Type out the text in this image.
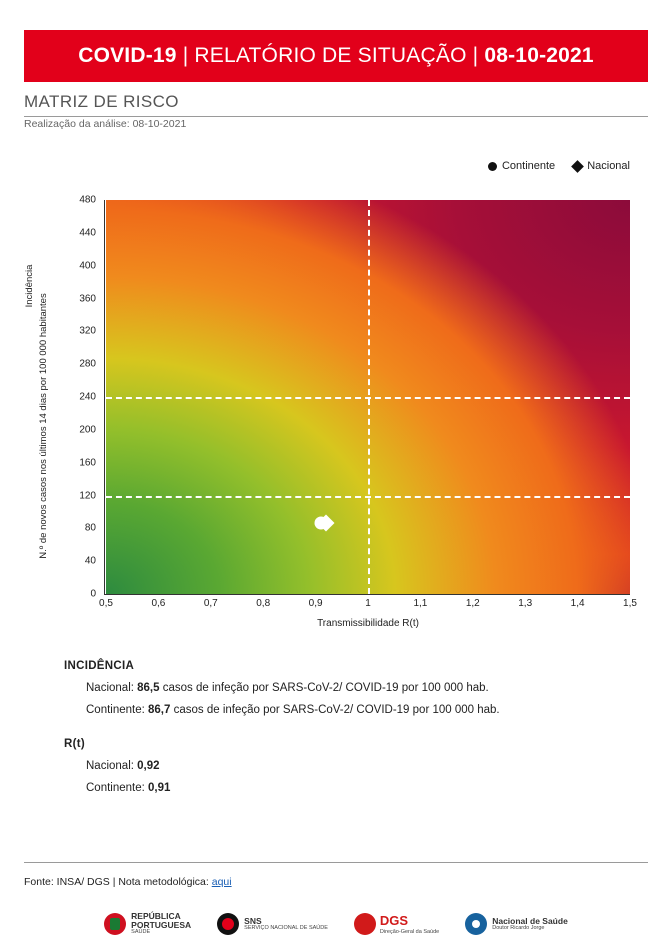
COVID-19 | RELATÓRIO DE SITUAÇÃO | 08-10-2021
MATRIZ DE RISCO
Realização da análise: 08-10-2021
Continente	Nacional
Incidência
N.º de novos casos nos últimos 14 dias por 100 000 habitantes
0
40
80
120
160
200
240
280
320
360
400
440
480
0,5	0,6	0,7	0,8	0,9	1	1,1	1,2	1,3	1,4	1,5
Transmissibilidade R(t)
INCIDÊNCIA
Nacional: 86,5 casos de infeção por SARS-CoV-2/ COVID-19 por 100 000 hab.
Continente: 86,7 casos de infeção por SARS-CoV-2/ COVID-19 por 100 000 hab.
R(t)
Nacional: 0,92
Continente: 0,91
Fonte: INSA/ DGS | Nota metodológica: aqui
REPÚBLICA
PORTUGUESA
SAÚDE
SNS
SERVIÇO NACIONAL DE SAÚDE	DGS
Direção-Geral da Saúde
Nacional de Saúde
Doutor Ricardo Jorge
